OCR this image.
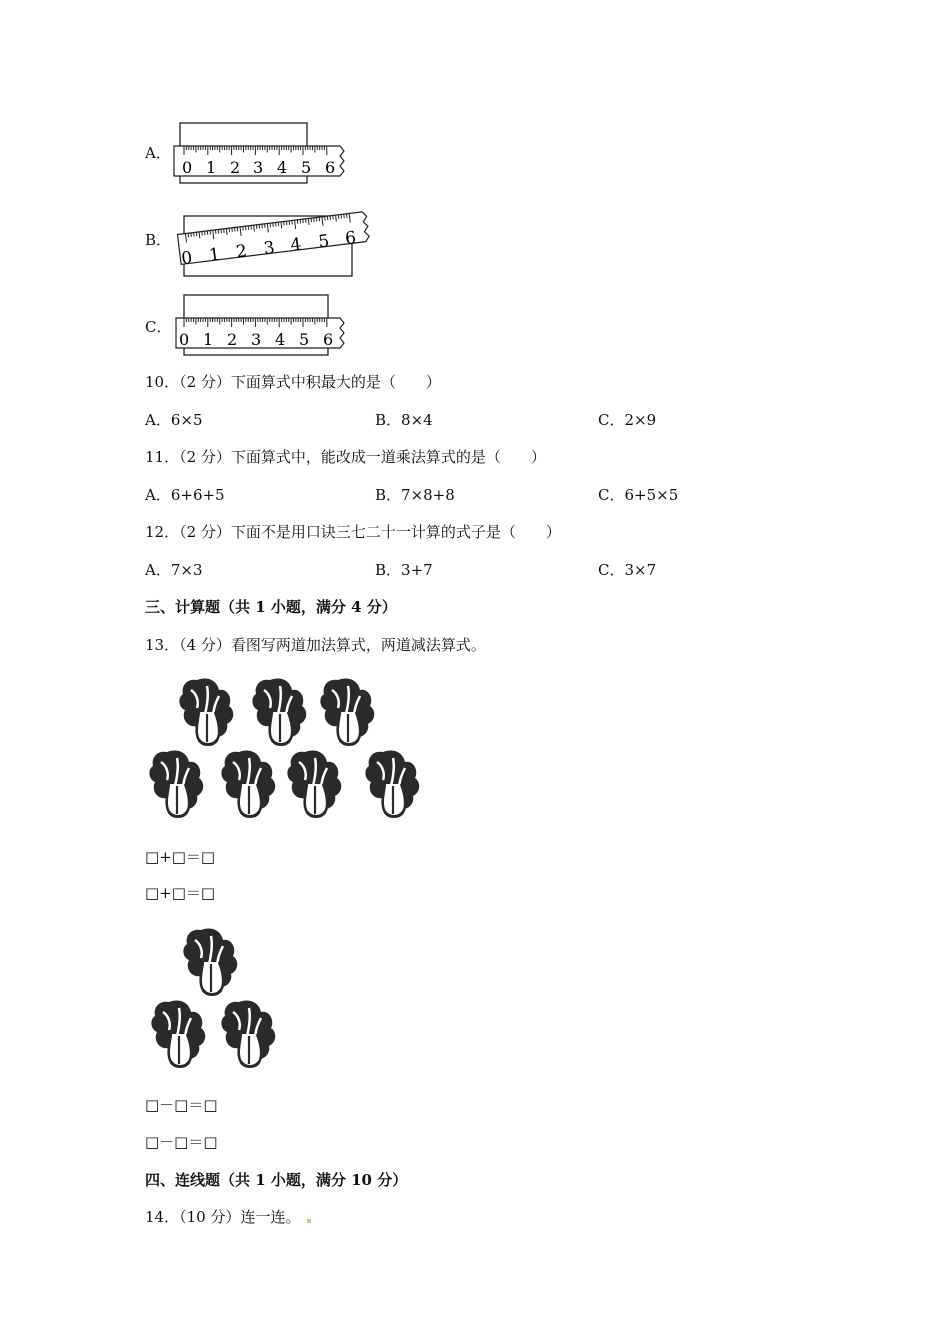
A．
0 1 2 3 4 5 6
B．
0 1 2 3 4 5 6
C．
0 1 2 3 4 5 6
10．（2 分）下面算式中积最大的是（　　）
A．6×5	B．8×4	C．2×9
11．（2 分）下面算式中，能改成一道乘法算式的是（　　）
A．6+6+5	B．7×8+8	C．6+5×5
12．（2 分）下面不是用口诀三七二十一计算的式子是（　　）
A．7×3	B．3+7	C．3×7
三、计算题（共 1 小题，满分 4 分）
13．（4 分）看图写两道加法算式，两道减法算式。
□+□＝□
□+□＝□
□－□＝□
□－□＝□
四、连线题（共 1 小题，满分 10 分）
14．（10 分）连一连。
